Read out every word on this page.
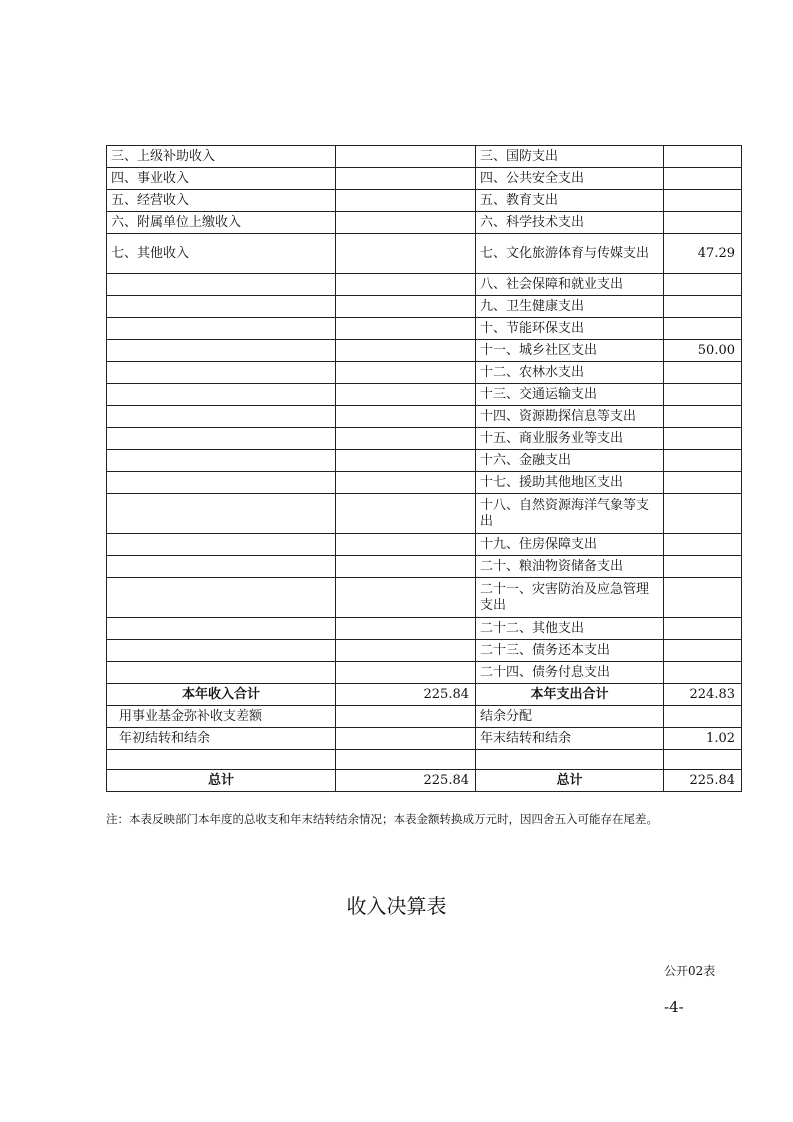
三、上级补助收入		三、国防支出	
四、事业收入		四、公共安全支出	
五、经营收入		五、教育支出	
六、附属单位上缴收入		六、科学技术支出	
七、其他收入		七、文化旅游体育与传媒支出	47.29
		八、社会保障和就业支出	
		九、卫生健康支出	
		十、节能环保支出	
		十一、城乡社区支出	50.00
		十二、农林水支出	
		十三、交通运输支出	
		十四、资源勘探信息等支出	
		十五、商业服务业等支出	
		十六、金融支出	
		十七、援助其他地区支出	
		十八、自然资源海洋气象等支出	
		十九、住房保障支出	
		二十、粮油物资储备支出	
		二十一、灾害防治及应急管理支出	
		二十二、其他支出	
		二十三、债务还本支出	
		二十四、债务付息支出	
本年收入合计	225.84	本年支出合计	224.83
用事业基金弥补收支差额		结余分配	
年初结转和结余		年末结转和结余	1.02

总计	225.84	总计	225.84
注：本表反映部门本年度的总收支和年末结转结余情况；本表金额转换成万元时，因四舍五入可能存在尾差。
收入决算表
公开02表
-4-
